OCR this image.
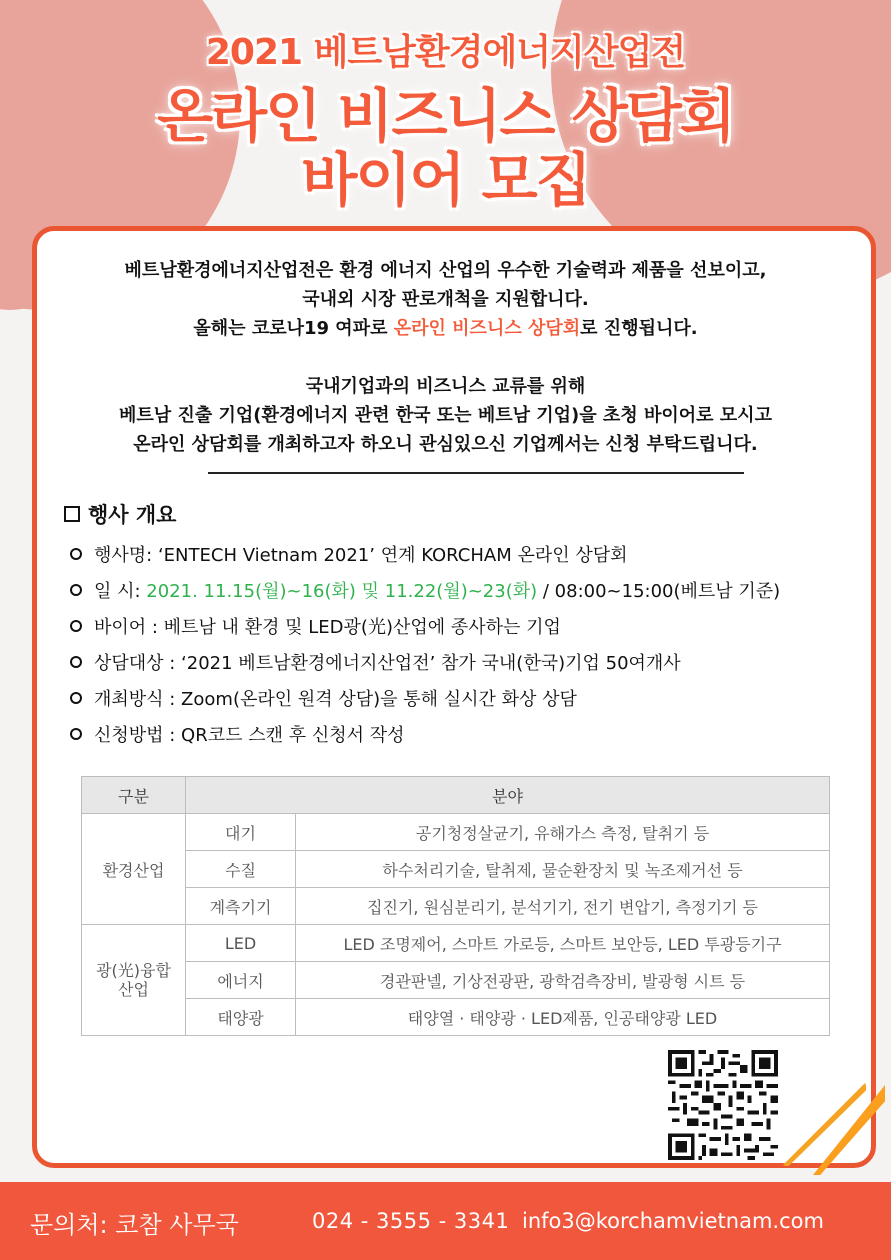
2021 베트남환경에너지산업전
온라인 비즈니스 상담회
바이어 모집

베트남환경에너지산업전은 환경 에너지 산업의 우수한 기술력과 제품을 선보이고,

국내외 시장 판로개척을 지원합니다.

올해는 코로나19 여파로 온라인 비즈니스 상담회로 진행됩니다.

국내기업과의 비즈니스 교류를 위해

베트남 진출 기업(환경에너지 관련 한국 또는 베트남 기업)을 초청 바이어로 모시고

온라인 상담회를 개최하고자 하오니 관심있으신 기업께서는 신청 부탁드립니다.

행사 개요
행사명: ‘ENTECH Vietnam 2021’ 연계 KORCHAM 온라인 상담회
일 시: 2021. 11.15(월)~16(화) 및 11.22(월)~23(화) / 08:00~15:00(베트남 기준)
바이어 : 베트남 내 환경 및 LED광(光)산업에 종사하는 기업
상담대상 : ‘2021 베트남환경에너지산업전’ 참가 국내(한국)기업 50여개사
개최방식 : Zoom(온라인 원격 상담)을 통해 실시간 화상 상담
신청방법 : QR코드 스캔 후 신청서 작성
구분	분야	
환경산업	대기	공기청정살균기, 유해가스 측정, 탈취기 등
	수질	하수처리기술, 탈취제, 물순환장치 및 녹조제거선 등
	계측기기	집진기, 원심분리기, 분석기기, 전기 변압기, 측정기기 등

광(光)융합
산업	LED	LED 조명제어, 스마트 가로등, 스마트 보안등, LED 투광등기구
	에너지	경관판넬, 기상전광판, 광학검측장비, 발광형 시트 등
	태양광	태양열 · 태양광 · LED제품, 인공태양광 LED
문의처: 코참 사무국	024 - 3555 - 3341 info3@korchamvietnam.com
